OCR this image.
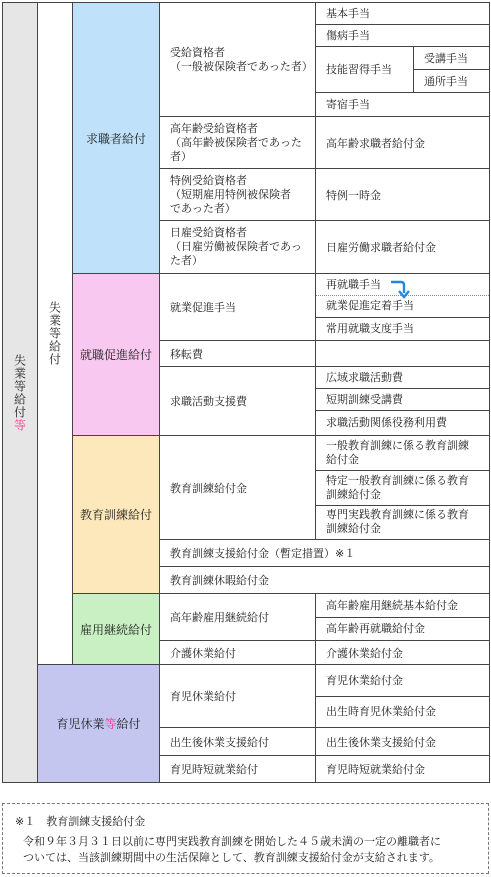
失業等給付
等
失業等給付
育児休業等給付
求職者給付
就職促進給付
教育訓練給付
雇用継続給付
受給資格者
（一般被保険者であった者）
高年齢受給資格者
（高年齢被保険者であった
者）
特例受給資格者
（短期雇用特例被保険者
であった者）
日雇受給資格者
（日雇労働被保険者であっ
た者）
就業促進手当
移転費
求職活動支援費
教育訓練給付金
教育訓練支援給付金（暫定措置）※１
教育訓練休暇給付金
高年齢雇用継続給付
介護休業給付
育児休業給付
出生後休業支援給付
育児時短就業給付
基本手当
傷病手当
技能習得手当
受講手当
通所手当
寄宿手当
高年齢求職者給付金
特例一時金
日雇労働求職者給付金
再就職手当
就業促進定着手当
常用就職支度手当
広域求職活動費
短期訓練受講費
求職活動関係役務利用費
一般教育訓練に係る教育訓練
給付金
特定一般教育訓練に係る教育
訓練給付金
専門実践教育訓練に係る教育
訓練給付金
高年齢雇用継続基本給付金
高年齢再就職給付金
介護休業給付金
育児休業給付金
出生時育児休業給付金
出生後休業支援給付金
育児時短就業給付金
※１　教育訓練支援給付金
令和９年３月３１日以前に専門実践教育訓練を開始した４５歳未満の一定の離職者に
ついては、当該訓練期間中の生活保障として、教育訓練支援給付金が支給されます。
